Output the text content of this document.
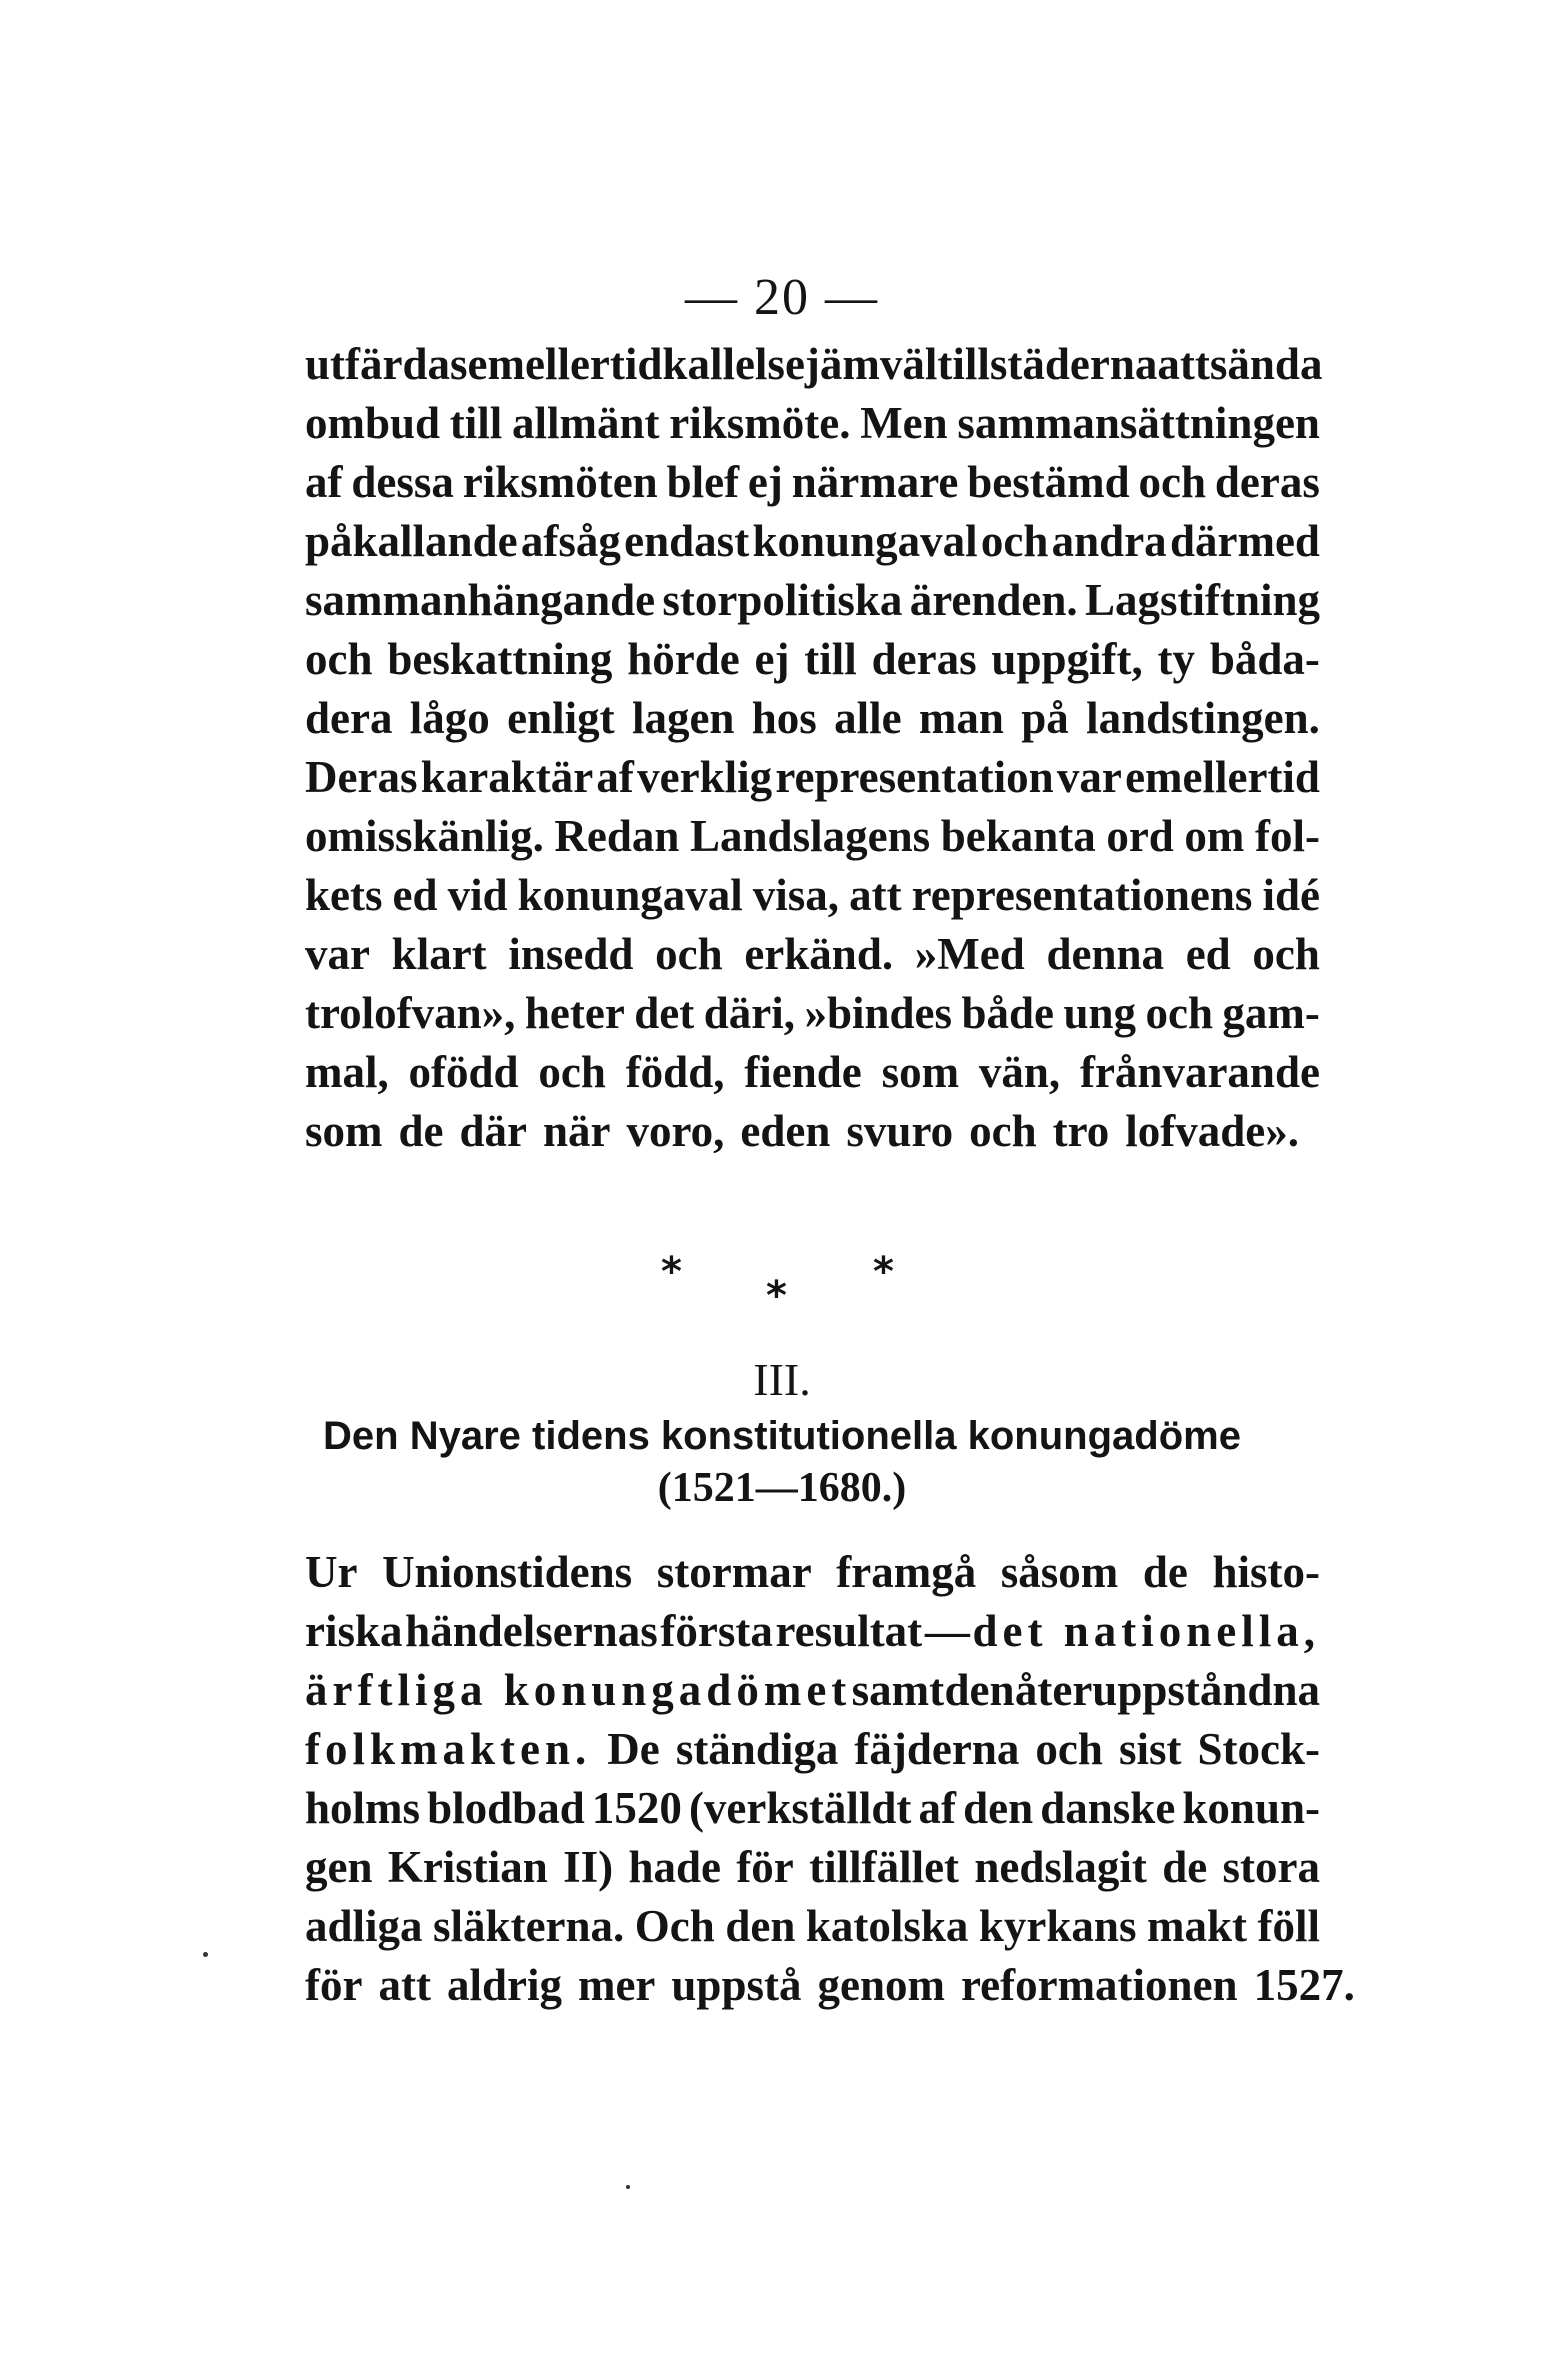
— 20 —
utfärdas emellertid kallelse jämväl till städerna att sända
ombud till allmänt riksmöte. Men sammansättningen
af dessa riksmöten blef ej närmare bestämd och deras
påkallande afsåg endast konungaval och andra därmed
sammanhängande storpolitiska ärenden. Lagstiftning
och beskattning hörde ej till deras uppgift, ty båda-
dera lågo enligt lagen hos alle man på landstingen.
Deras karaktär af verklig representation var emellertid
omisskänlig. Redan Landslagens bekanta ord om fol-
kets ed vid konungaval visa, att representationens idé
var klart insedd och erkänd. »Med denna ed och
trolofvan», heter det däri, »bindes både ung och gam-
mal, ofödd och född, fiende som vän, frånvarande
som de där när voro, eden svuro och tro lofvade».
*
*
*
III.
Den Nyare tidens konstitutionella konungadöme
(1521—1680.)
Ur Unionstidens stormar framgå såsom de histo-
riska händelsernas första resultat — det nationella,
ärftliga konungadömet samt den återuppståndna
folkmakten. De ständiga fäjderna och sist Stock-
holms blodbad 1520 (verkställdt af den danske konun-
gen Kristian II) hade för tillfället nedslagit de stora
adliga släkterna. Och den katolska kyrkans makt föll
för att aldrig mer uppstå genom reformationen 1527.
